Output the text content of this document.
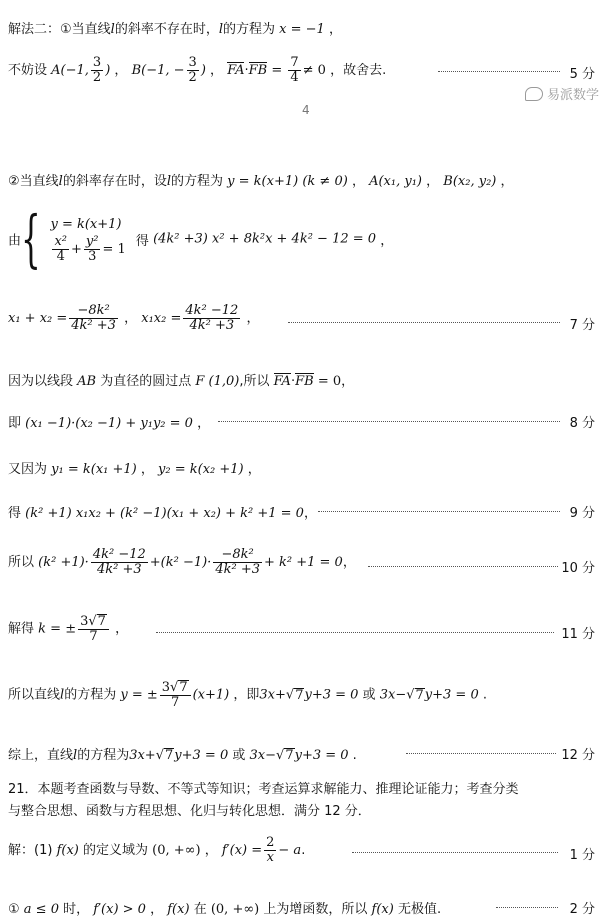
解法二：①当直线l的斜率不存在时，l的方程为 x = −1 ，
不妨设 A(−1, $\frac{3}{2}$ ) ， B(−1, − $\frac{3}{2}$ ) ， $FA\cdot FB = \frac{7}{4} \ne 0$ ，故舍去.	5 分
易派数学
4
②当直线l的斜率存在时，设l的方程为 y = k(x+1) (k ≠ 0) ， A(x₁, y₁) ， B(x₂, y₂) ，
由{ y = k(x+1)
$\frac{\text{x²}}{4} + \frac{\text{y²}}{3} = 1$
得 (4k² +3) x² + 8k²x + 4k² − 12 = 0 ，
$x_1 + x_2 = \frac{\text{−8k²}}{\text{4k² +3}}$ ， $x_1x_2 = \frac{\text{4k² −12}}{\text{4k² +3}}$ ，	7 分
因为以线段 AB 为直径的圆过点 F (1,0),所以 FA·FB = 0，
即 (x₁ −1)·(x₂ −1) + y₁y₂ = 0 ，	8 分
又因为 y₁ = k(x₁ +1) ， y₂ = k(x₂ +1) ，
得 (k² +1) x₁x₂ + (k² −1)(x₁ + x₂) + k² +1 = 0，	9 分
所以 $(k^2 +1)\cdot \frac{\text{4k² −12}}{\text{4k² +3}} +(k^2 -1)\cdot \frac{\text{−8k²}}{\text{4k² +3}} + k^2 +1 = 0$，	10 分
解得 k = ± $\frac{3√7}{7}$ ，	11 分
所以直线l的方程为 y = ± $\frac{3√7}{7} (x+1)$ ，即3x+√7y+3 = 0 或 3x−√7y+3 = 0 .
综上，直线l的方程为3x+√7y+3 = 0 或 3x−√7y+3 = 0 .	12 分
21．本题考查函数与导数、不等式等知识；考查运算求解能力、推理论证能力；考查分类
与整合思想、函数与方程思想、化归与转化思想．满分 12 分．
解：(1) f(x) 的定义域为 (0, +∞) ， $f'(x) = \frac{2}{x} - a$.	1 分
① a ≤ 0 时， f′(x) > 0 ， f(x) 在 (0, +∞) 上为增函数，所以 f(x) 无极值.	2 分
